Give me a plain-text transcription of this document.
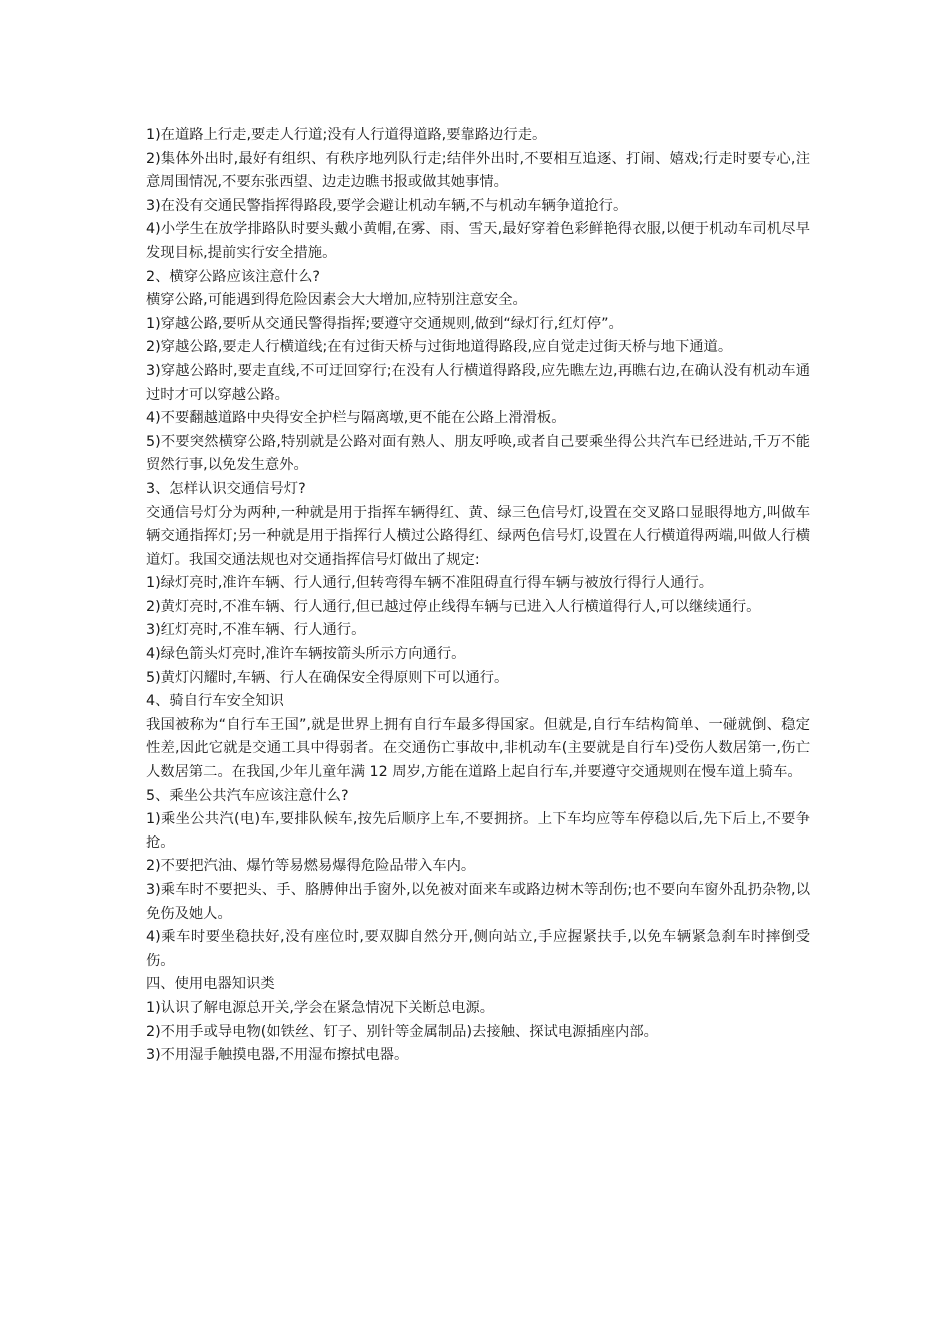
1)在道路上行走,要走人行道;没有人行道得道路,要靠路边行走。

2)集体外出时,最好有组织、有秩序地列队行走;结伴外出时,不要相互追逐、打闹、嬉戏;行走时要专心,注意周围情况,不要东张西望、边走边瞧书报或做其她事情。

3)在没有交通民警指挥得路段,要学会避让机动车辆,不与机动车辆争道抢行。

4)小学生在放学排路队时要头戴小黄帽,在雾、雨、雪天,最好穿着色彩鲜艳得衣服,以便于机动车司机尽早发现目标,提前实行安全措施。

2、横穿公路应该注意什么?

横穿公路,可能遇到得危险因素会大大增加,应特别注意安全。

1)穿越公路,要听从交通民警得指挥;要遵守交通规则,做到“绿灯行,红灯停”。

2)穿越公路,要走人行横道线;在有过街天桥与过街地道得路段,应自觉走过街天桥与地下通道。

3)穿越公路时,要走直线,不可迂回穿行;在没有人行横道得路段,应先瞧左边,再瞧右边,在确认没有机动车通过时才可以穿越公路。

4)不要翻越道路中央得安全护栏与隔离墩,更不能在公路上滑滑板。

5)不要突然横穿公路,特别就是公路对面有熟人、朋友呼唤,或者自己要乘坐得公共汽车已经进站,千万不能贸然行事,以免发生意外。

3、怎样认识交通信号灯?

交通信号灯分为两种,一种就是用于指挥车辆得红、黄、绿三色信号灯,设置在交叉路口显眼得地方,叫做车辆交通指挥灯;另一种就是用于指挥行人横过公路得红、绿两色信号灯,设置在人行横道得两端,叫做人行横道灯。我国交通法规也对交通指挥信号灯做出了规定:

1)绿灯亮时,准许车辆、行人通行,但转弯得车辆不准阻碍直行得车辆与被放行得行人通行。

2)黄灯亮时,不准车辆、行人通行,但已越过停止线得车辆与已进入人行横道得行人,可以继续通行。

3)红灯亮时,不准车辆、行人通行。

4)绿色箭头灯亮时,准许车辆按箭头所示方向通行。

5)黄灯闪耀时,车辆、行人在确保安全得原则下可以通行。

4、骑自行车安全知识

我国被称为“自行车王国”,就是世界上拥有自行车最多得国家。但就是,自行车结构简单、一碰就倒、稳定性差,因此它就是交通工具中得弱者。在交通伤亡事故中,非机动车(主要就是自行车)受伤人数居第一,伤亡人数居第二。在我国,少年儿童年满 12 周岁,方能在道路上起自行车,并要遵守交通规则在慢车道上骑车。

5、乘坐公共汽车应该注意什么?

1)乘坐公共汽(电)车,要排队候车,按先后顺序上车,不要拥挤。上下车均应等车停稳以后,先下后上,不要争抢。

2)不要把汽油、爆竹等易燃易爆得危险品带入车内。

3)乘车时不要把头、手、胳膊伸出手窗外,以免被对面来车或路边树木等刮伤;也不要向车窗外乱扔杂物,以免伤及她人。

4)乘车时要坐稳扶好,没有座位时,要双脚自然分开,侧向站立,手应握紧扶手,以免车辆紧急刹车时摔倒受伤。

四、使用电器知识类

1)认识了解电源总开关,学会在紧急情况下关断总电源。

2)不用手或导电物(如铁丝、钉子、别针等金属制品)去接触、探试电源插座内部。

3)不用湿手触摸电器,不用湿布擦拭电器。
